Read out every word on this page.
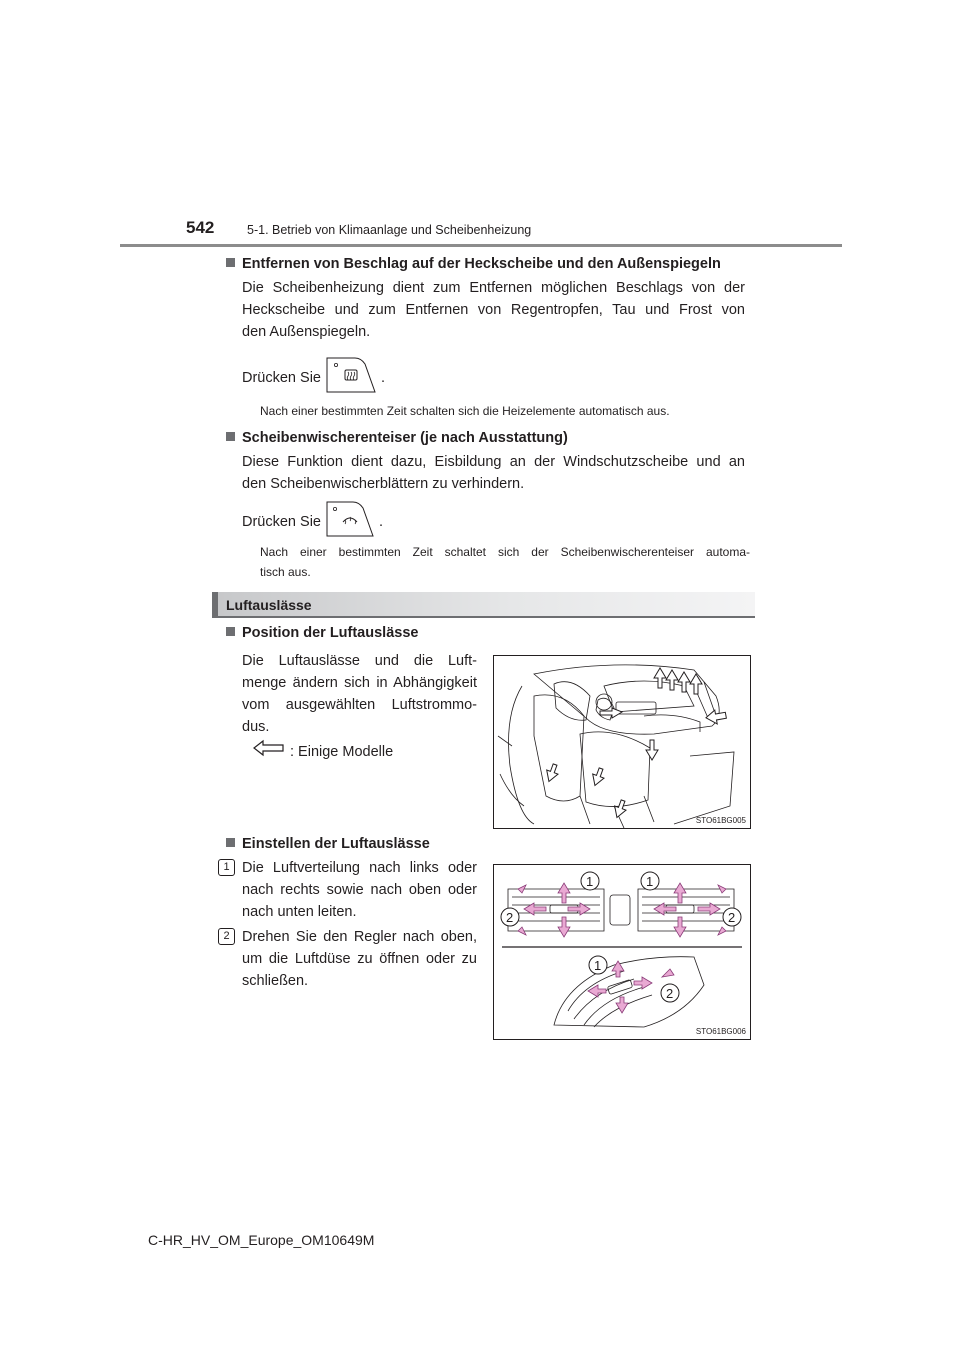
542	5-1. Betrieb von Klimaanlage und Scheibenheizung
Entfernen von Beschlag auf der Heckscheibe und den Außenspiegeln
Die Scheibenheizung dient zum Entfernen möglichen Beschlags von der
Heckscheibe und zum Entfernen von Regentropfen, Tau und Frost von
den Außenspiegeln.
Drücken Sie	.
Nach einer bestimmten Zeit schalten sich die Heizelemente automatisch aus.
Scheibenwischerenteiser (je nach Ausstattung)
Diese Funktion dient dazu, Eisbildung an der Windschutzscheibe und an
den Scheibenwischerblättern zu verhindern.
Drücken Sie	.
Nach einer bestimmten Zeit schaltet sich der Scheibenwischerenteiser automa-
tisch aus.
Luftauslässe
Position der Luftauslässe
Die Luftauslässe und die Luft-
menge ändern sich in Abhängigkeit
vom ausgewählten Luftstrommo-
dus.
: Einige Modelle
STO61BG005
Einstellen der Luftauslässe
1 Die Luftverteilung nach links oder
nach rechts sowie nach oben oder
nach unten leiten.
2 Drehen Sie den Regler nach oben,
um die Luftdüse zu öffnen oder zu
schließen.
1	1
2	2
1
2
STO61BG006
C-HR_HV_OM_Europe_OM10649M
